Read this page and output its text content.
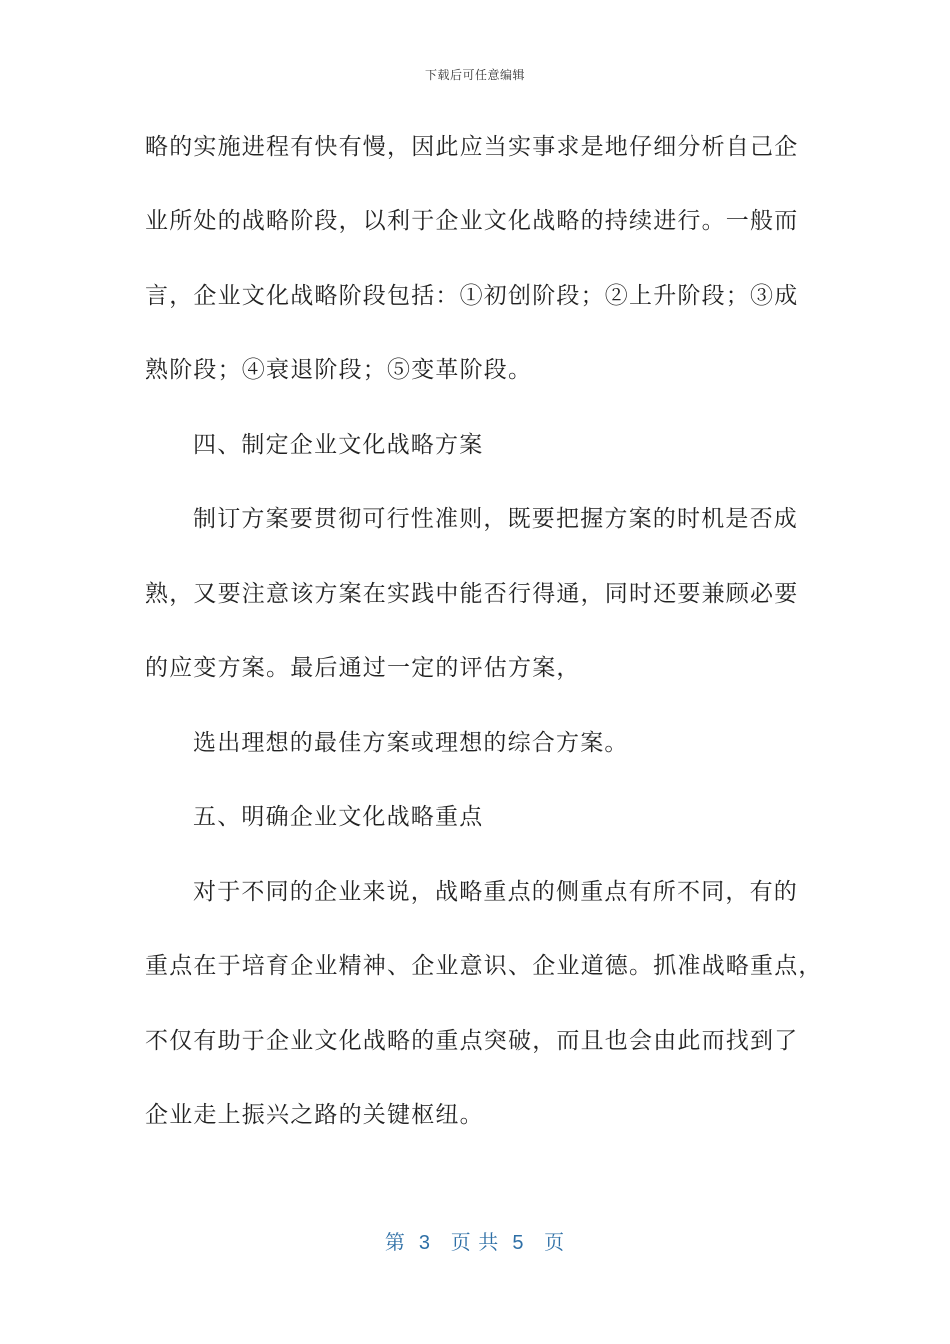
下载后可任意编辑
略的实施进程有快有慢，因此应当实事求是地仔细分析自己企
业所处的战略阶段，以利于企业文化战略的持续进行。一般而
言，企业文化战略阶段包括：①初创阶段；②上升阶段；③成
熟阶段；④衰退阶段；⑤变革阶段。
四、制定企业文化战略方案
制订方案要贯彻可行性准则，既要把握方案的时机是否成
熟，又要注意该方案在实践中能否行得通，同时还要兼顾必要
的应变方案。最后通过一定的评估方案，
选出理想的最佳方案或理想的综合方案。
五、明确企业文化战略重点
对于不同的企业来说，战略重点的侧重点有所不同，有的
重点在于培育企业精神、企业意识、企业道德。抓准战略重点，
不仅有助于企业文化战略的重点突破，而且也会由此而找到了
企业走上振兴之路的关键枢纽。
第  3   页 共  5   页
